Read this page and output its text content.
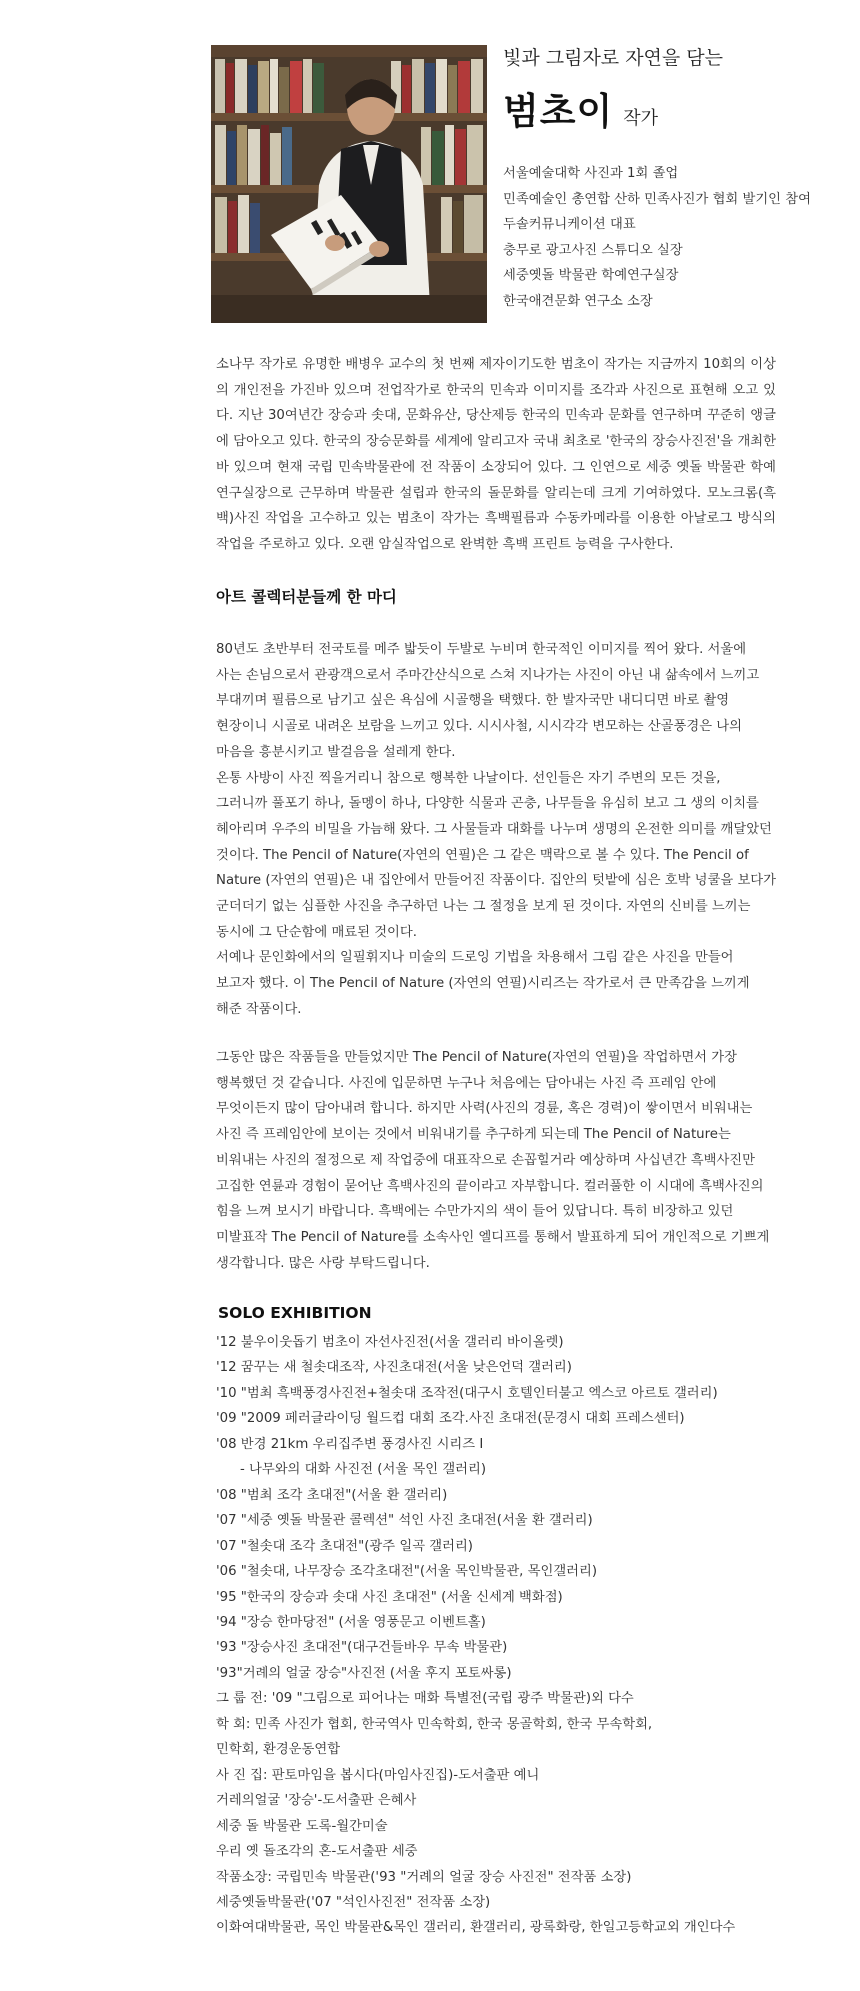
빛과 그림자로 자연을 담는

범초이 작가
서울예술대학 사진과 1회 졸업
민족예술인 총연합 산하 민족사진가 협회 발기인 참여
두솔커뮤니케이션 대표
충무로 광고사진 스튜디오 실장
세중옛돌 박물관 학예연구실장
한국애견문화 연구소 소장

소나무 작가로 유명한 배병우 교수의 첫 번째 제자이기도한 범초이 작가는 지금까지 10회의 이상의 개인전을 가진바 있으며 전업작가로 한국의 민속과 이미지를 조각과 사진으로 표현해 오고 있다. 지난 30여년간 장승과 솟대, 문화유산, 당산제등 한국의 민속과 문화를 연구하며 꾸준히 앵글에 담아오고 있다. 한국의 장승문화를 세계에 알리고자 국내 최초로 '한국의 장승사진전'을 개최한바 있으며 현재 국립 민속박물관에 전 작품이 소장되어 있다. 그 인연으로 세중 옛돌 박물관 학예연구실장으로 근무하며 박물관 설립과 한국의 돌문화를 알리는데 크게 기여하였다. 모노크롬(흑백)사진 작업을 고수하고 있는 범초이 작가는 흑백필름과 수동카메라를 이용한 아날로그 방식의 작업을 주로하고 있다. 오랜 암실작업으로 완벽한 흑백 프린트 능력을 구사한다.

아트 콜렉터분들께 한 마디

80년도 초반부터 전국토를 메주 밟듯이 두발로 누비며 한국적인 이미지를 찍어 왔다. 서울에
사는 손님으로서 관광객으로서 주마간산식으로 스쳐 지나가는 사진이 아닌 내 삶속에서 느끼고
부대끼며 필름으로 남기고 싶은 욕심에 시골행을 택했다. 한 발자국만 내디디면 바로 촬영
현장이니 시골로 내려온 보람을 느끼고 있다. 시시사철, 시시각각 변모하는 산골풍경은 나의
마음을 흥분시키고 발걸음을 설레게 한다.
온통 사방이 사진 찍을거리니 참으로 행복한 나날이다. 선인들은 자기 주변의 모든 것을,
그러니까 풀포기 하나, 돌멩이 하나, 다양한 식물과 곤충, 나무들을 유심히 보고 그 생의 이치를
헤아리며 우주의 비밀을 가늠해 왔다. 그 사물들과 대화를 나누며 생명의 온전한 의미를 깨달았던
것이다. The Pencil of Nature(자연의 연필)은 그 같은 맥락으로 볼 수 있다. The Pencil of
Nature (자연의 연필)은 내 집안에서 만들어진 작품이다. 집안의 텃밭에 심은 호박 넝쿨을 보다가
군더더기 없는 심플한 사진을 추구하던 나는 그 절정을 보게 된 것이다. 자연의 신비를 느끼는
동시에 그 단순함에 매료된 것이다.
서예나 문인화에서의 일필휘지나 미술의 드로잉 기법을 차용해서 그림 같은 사진을 만들어
보고자 했다. 이 The Pencil of Nature (자연의 연필)시리즈는 작가로서 큰 만족감을 느끼게
해준 작품이다.

그동안 많은 작품들을 만들었지만 The Pencil of Nature(자연의 연필)을 작업하면서 가장
행복했던 것 같습니다. 사진에 입문하면 누구나 처음에는 담아내는 사진 즉 프레임 안에
무엇이든지 많이 담아내려 합니다. 하지만 사력(사진의 경륜, 혹은 경력)이 쌓이면서 비워내는
사진 즉 프레임안에 보이는 것에서 비워내기를 추구하게 되는데 The Pencil of Nature는
비워내는 사진의 절정으로 제 작업중에 대표작으로 손꼽힐거라 예상하며 사십년간 흑백사진만
고집한 연륜과 경험이 묻어난 흑백사진의 끝이라고 자부합니다. 컬러풀한 이 시대에 흑백사진의
힘을 느껴 보시기 바랍니다. 흑백에는 수만가지의 색이 들어 있답니다. 특히 비장하고 있던
미발표작 The Pencil of Nature를 소속사인 엘디프를 통해서 발표하게 되어 개인적으로 기쁘게
생각합니다. 많은 사랑 부탁드립니다.

SOLO EXHIBITION
'12 불우이웃돕기 범초이 자선사진전(서울 갤러리 바이올렛)
'12 꿈꾸는 새 철솟대조작, 사진초대전(서울 낮은언덕 갤러리)
'10 "범최 흑백풍경사진전+철솟대 조작전(대구시 호텔인터불고 엑스코 아르토 갤러리)
'09 "2009 페러글라이딩 월드컵 대회 조각.사진 초대전(문경시 대회 프레스센터)
'08 반경 21km 우리집주변 풍경사진 시리즈 I
- 나무와의 대화 사진전 (서울 목인 갤러리)
'08 "범최 조각 초대전"(서울 환 갤러리)
'07 "세중 옛돌 박물관 콜렉션" 석인 사진 초대전(서울 환 갤러리)
'07 "철솟대 조각 초대전"(광주 일곡 갤러리)
'06 "철솟대, 나무장승 조각초대전"(서울 목인박물관, 목인갤러리)
'95 "한국의 장승과 솟대 사진 초대전" (서울 신세계 백화점)
'94 "장승 한마당전" (서울 영풍문고 이벤트홀)
'93 "장승사진 초대전"(대구건들바우 무속 박물관)
'93"거례의 얼굴 장승"사진전 (서울 후지 포토싸롱)
그 룹 전: '09 "그림으로 피어나는 매화 특별전(국립 광주 박물관)외 다수
학 회: 민족 사진가 협회, 한국역사 민속학회, 한국 몽골학회, 한국 무속학회,
민학회, 환경운동연합
사 진 집: 판토마임을 봅시다(마임사진집)-도서출판 예니
거레의얼굴 '장승'-도서출판 은혜사
세중 돌 박물관 도록-월간미술
우리 옛 돌조각의 혼-도서출판 세중
작품소장: 국립민속 박물관('93 "거례의 얼굴 장승 사진전" 전작품 소장)
세중옛돌박물관('07 "석인사진전" 전작품 소장)
이화여대박물관, 목인 박물관&목인 갤러리, 환갤러리, 광록화랑, 한일고등학교외 개인다수
